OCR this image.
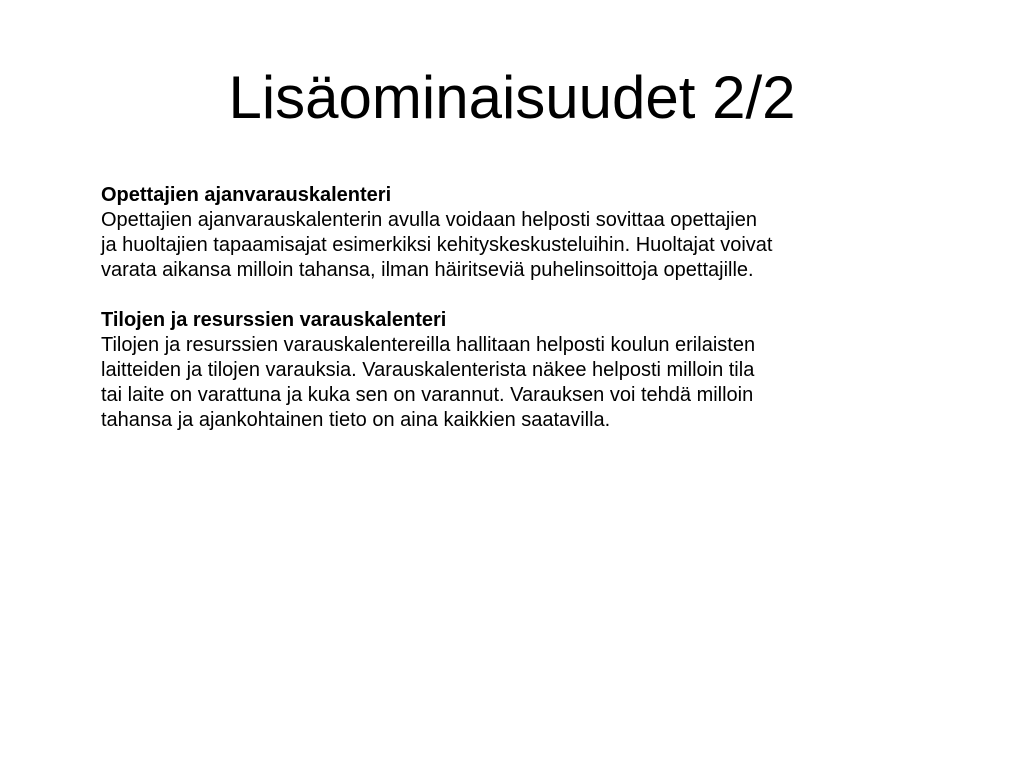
Lisäominaisuudet 2/2

Opettajien ajanvarauskalenteri

Opettajien ajanvarauskalenterin avulla voidaan helposti sovittaa opettajien

ja huoltajien tapaamisajat esimerkiksi kehityskeskusteluihin. Huoltajat voivat

varata aikansa milloin tahansa, ilman häiritseviä puhelinsoittoja opettajille.

Tilojen ja resurssien varauskalenteri

Tilojen ja resurssien varauskalentereilla hallitaan helposti koulun erilaisten

laitteiden ja tilojen varauksia. Varauskalenterista näkee helposti milloin tila

tai laite on varattuna ja kuka sen on varannut. Varauksen voi tehdä milloin

tahansa ja ajankohtainen tieto on aina kaikkien saatavilla.
